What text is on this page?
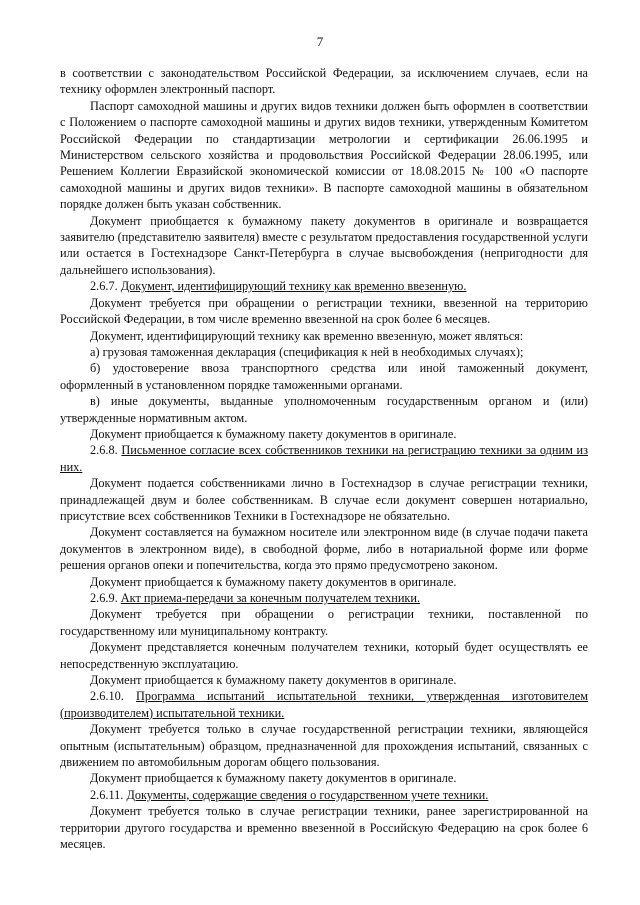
7

в соответствии с законодательством Российской Федерации, за исключением случаев, если на технику оформлен электронный паспорт.

Паспорт самоходной машины и других видов техники должен быть оформлен в соответствии с Положением о паспорте самоходной машины и других видов техники, утвержденным Комитетом Российской Федерации по стандартизации метрологии и сертификации 26.06.1995 и Министерством сельского хозяйства и продовольствия Российской Федерации 28.06.1995, или Решением Коллегии Евразийской экономической комиссии от 18.08.2015 № 100 «О паспорте самоходной машины и других видов техники». В паспорте самоходной машины в обязательном порядке должен быть указан собственник.

Документ приобщается к бумажному пакету документов в оригинале и возвращается заявителю (представителю заявителя) вместе с результатом предоставления государственной услуги или остается в Гостехнадзоре Санкт-Петербурга в случае высвобождения (непригодности для дальнейшего использования).

2.6.7. Документ, идентифицирующий технику как временно ввезенную.

Документ требуется при обращении о регистрации техники, ввезенной на территорию Российской Федерации, в том числе временно ввезенной на срок более 6 месяцев.

Документ, идентифицирующий технику как временно ввезенную, может являться:

а) грузовая таможенная декларация (спецификация к ней в необходимых случаях);

б) удостоверение ввоза транспортного средства или иной таможенный документ, оформленный в установленном порядке таможенными органами.

в) иные документы, выданные уполномоченным государственным органом и (или) утвержденные нормативным актом.

Документ приобщается к бумажному пакету документов в оригинале.

2.6.8. Письменное согласие всех собственников техники на регистрацию техники за одним из них.

Документ подается собственниками лично в Гостехнадзор в случае регистрации техники, принадлежащей двум и более собственникам. В случае если документ совершен нотариально, присутствие всех собственников Техники в Гостехнадзоре не обязательно.

Документ составляется на бумажном носителе или электронном виде (в случае подачи пакета документов в электронном виде), в свободной форме, либо в нотариальной форме или форме решения органов опеки и попечительства, когда это прямо предусмотрено законом.

Документ приобщается к бумажному пакету документов в оригинале.

2.6.9. Акт приема-передачи за конечным получателем техники.

Документ требуется при обращении о регистрации техники, поставленной по государственному или муниципальному контракту.

Документ представляется конечным получателем техники, который будет осуществлять ее непосредственную эксплуатацию.

Документ приобщается к бумажному пакету документов в оригинале.

2.6.10. Программа испытаний испытательной техники, утвержденная изготовителем (производителем) испытательной техники.

Документ требуется только в случае государственной регистрации техники, являющейся опытным (испытательным) образцом, предназначенной для прохождения испытаний, связанных с движением по автомобильным дорогам общего пользования.

Документ приобщается к бумажному пакету документов в оригинале.

2.6.11. Документы, содержащие сведения о государственном учете техники.

Документ требуется только в случае регистрации техники, ранее зарегистрированной на территории другого государства и временно ввезенной в Российскую Федерацию на срок более 6 месяцев.
